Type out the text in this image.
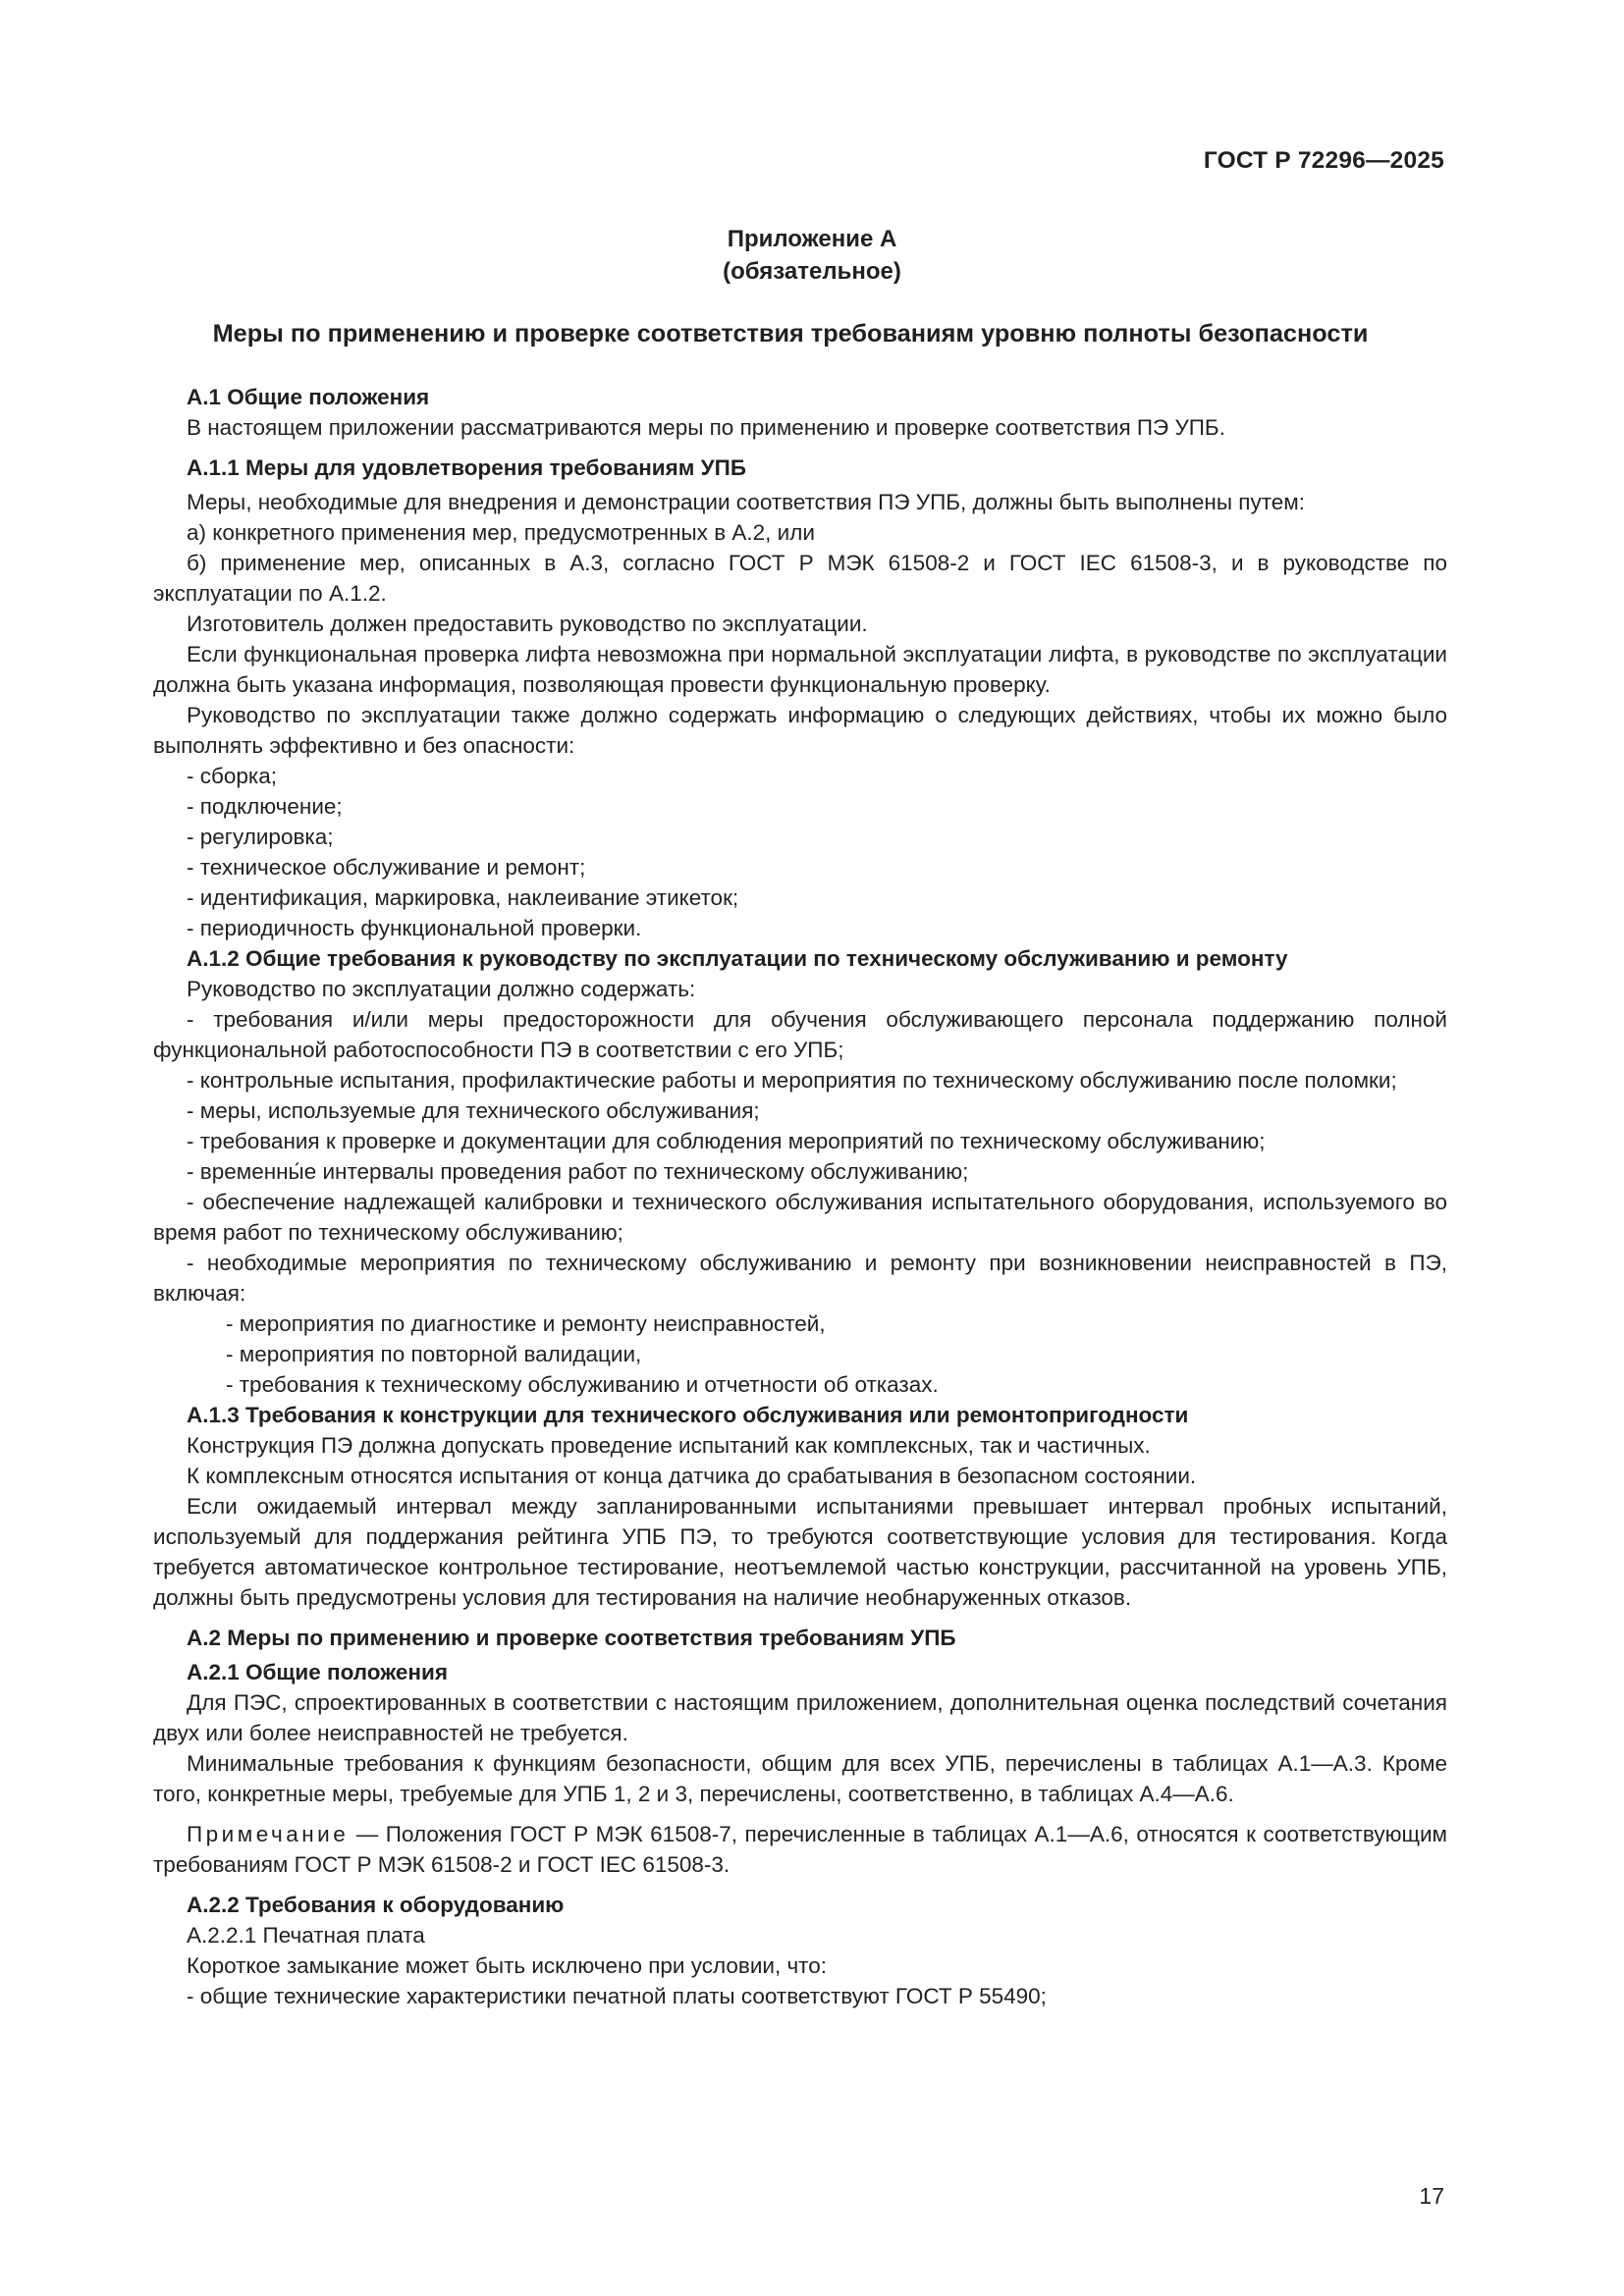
ГОСТ Р 72296—2025
Приложение А
(обязательное)
Меры по применению и проверке соответствия требованиям уровню полноты безопасности
А.1 Общие положения
В настоящем приложении рассматриваются меры по применению и проверке соответствия ПЭ УПБ.
А.1.1 Меры для удовлетворения требованиям УПБ
Меры, необходимые для внедрения и демонстрации соответствия ПЭ УПБ, должны быть выполнены путем:
а) конкретного применения мер, предусмотренных в А.2, или
б) применение мер, описанных в А.3, согласно ГОСТ Р МЭК 61508-2 и ГОСТ IEC 61508-3, и в руководстве по эксплуатации по А.1.2.
Изготовитель должен предоставить руководство по эксплуатации.
Если функциональная проверка лифта невозможна при нормальной эксплуатации лифта, в руководстве по эксплуатации должна быть указана информация, позволяющая провести функциональную проверку.
Руководство по эксплуатации также должно содержать информацию о следующих действиях, чтобы их можно было выполнять эффективно и без опасности:
- сборка;
- подключение;
- регулировка;
- техническое обслуживание и ремонт;
- идентификация, маркировка, наклеивание этикеток;
- периодичность функциональной проверки.
А.1.2 Общие требования к руководству по эксплуатации по техническому обслуживанию и ремонту
Руководство по эксплуатации должно содержать:
- требования и/или меры предосторожности для обучения обслуживающего персонала поддержанию полной функциональной работоспособности ПЭ в соответствии с его УПБ;
- контрольные испытания, профилактические работы и мероприятия по техническому обслуживанию после поломки;
- меры, используемые для технического обслуживания;
- требования к проверке и документации для соблюдения мероприятий по техническому обслуживанию;
- временны́е интервалы проведения работ по техническому обслуживанию;
- обеспечение надлежащей калибровки и технического обслуживания испытательного оборудования, используемого во время работ по техническому обслуживанию;
- необходимые мероприятия по техническому обслуживанию и ремонту при возникновении неисправностей в ПЭ, включая:
- мероприятия по диагностике и ремонту неисправностей,
- мероприятия по повторной валидации,
- требования к техническому обслуживанию и отчетности об отказах.
А.1.3 Требования к конструкции для технического обслуживания или ремонтопригодности
Конструкция ПЭ должна допускать проведение испытаний как комплексных, так и частичных.
К комплексным относятся испытания от конца датчика до срабатывания в безопасном состоянии.
Если ожидаемый интервал между запланированными испытаниями превышает интервал пробных испытаний, используемый для поддержания рейтинга УПБ ПЭ, то требуются соответствующие условия для тестирования. Когда требуется автоматическое контрольное тестирование, неотъемлемой частью конструкции, рассчитанной на уровень УПБ, должны быть предусмотрены условия для тестирования на наличие необнаруженных отказов.
А.2 Меры по применению и проверке соответствия требованиям УПБ
А.2.1 Общие положения
Для ПЭС, спроектированных в соответствии с настоящим приложением, дополнительная оценка последствий сочетания двух или более неисправностей не требуется.
Минимальные требования к функциям безопасности, общим для всех УПБ, перечислены в таблицах А.1—А.3. Кроме того, конкретные меры, требуемые для УПБ 1, 2 и 3, перечислены, соответственно, в таблицах А.4—А.6.
Примечание — Положения ГОСТ Р МЭК 61508-7, перечисленные в таблицах А.1—А.6, относятся к соответствующим требованиям ГОСТ Р МЭК 61508-2 и ГОСТ IEC 61508-3.
А.2.2 Требования к оборудованию
А.2.2.1 Печатная плата
Короткое замыкание может быть исключено при условии, что:
- общие технические характеристики печатной платы соответствуют ГОСТ Р 55490;
17
